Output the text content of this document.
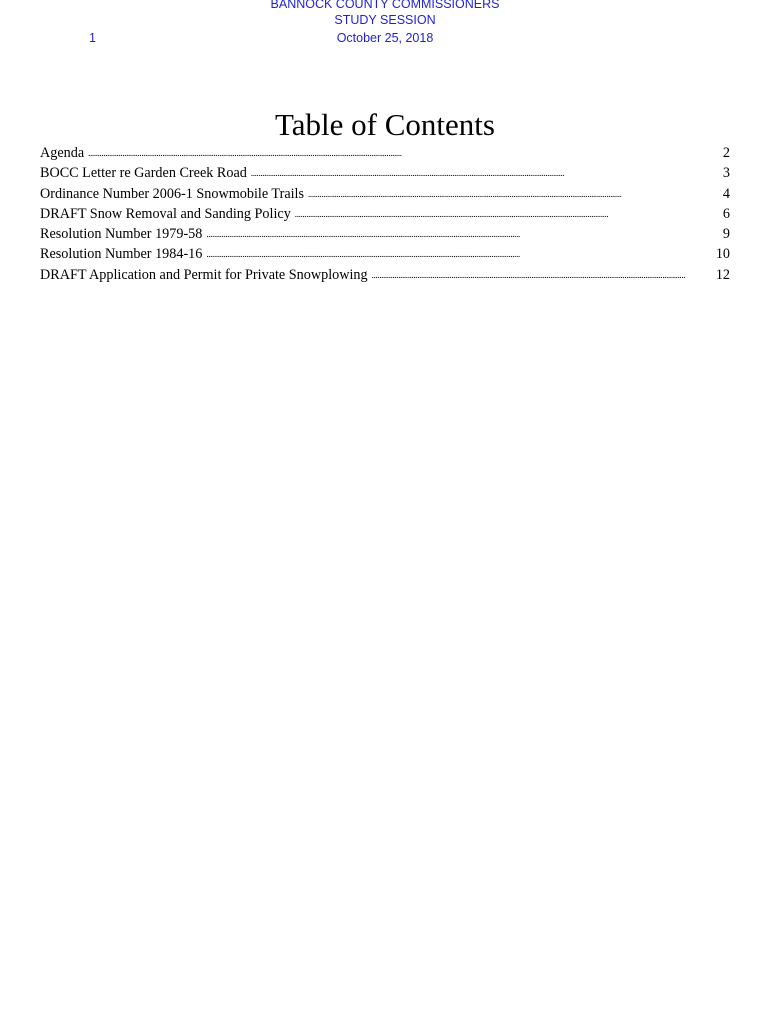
BANNOCK COUNTY COMMISSIONERS
STUDY SESSION
October 25, 2018
1
Table of Contents
Agenda . . .	2
BOCC Letter re Garden Creek Road . . .	3
Ordinance Number 2006-1 Snowmobile Trails . . .	4
DRAFT Snow Removal and Sanding Policy . . .	6
Resolution Number 1979-58 . . .	9
Resolution Number 1984-16 . . .	10
DRAFT Application and Permit for Private Snowplowing . . .	12
